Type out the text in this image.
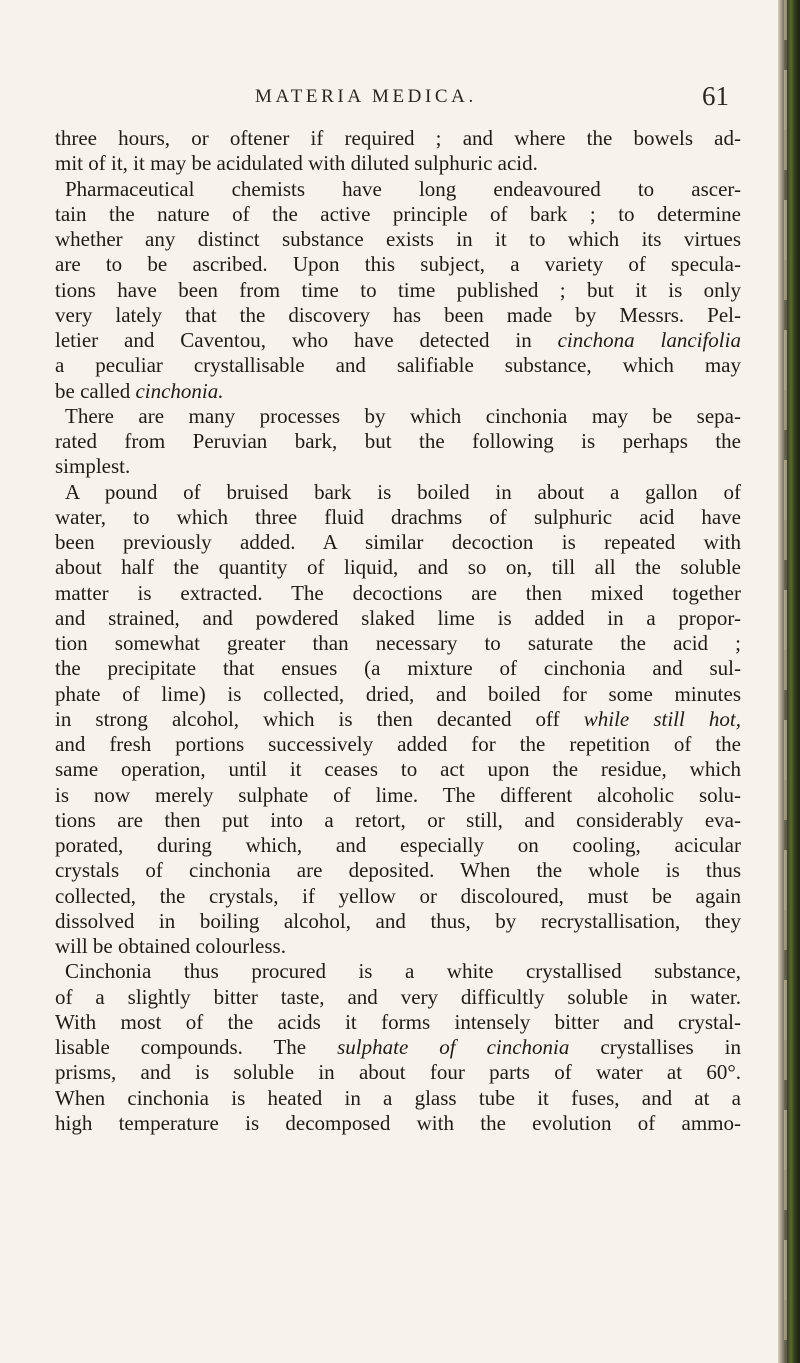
MATERIA MEDICA.	61
three hours, or oftener if required ; and where the bowels ad-
mit of it, it may be acidulated with diluted sulphuric acid.
Pharmaceutical chemists have long endeavoured to ascer-
tain the nature of the active principle of bark ; to determine
whether any distinct substance exists in it to which its virtues
are to be ascribed. Upon this subject, a variety of specula-
tions have been from time to time published ; but it is only
very lately that the discovery has been made by Messrs. Pel-
letier and Caventou, who have detected in cinchona lancifolia
a peculiar crystallisable and salifiable substance, which may
be called cinchonia.
There are many processes by which cinchonia may be sepa-
rated from Peruvian bark, but the following is perhaps the
simplest.
A pound of bruised bark is boiled in about a gallon of
water, to which three fluid drachms of sulphuric acid have
been previously added. A similar decoction is repeated with
about half the quantity of liquid, and so on, till all the soluble
matter is extracted. The decoctions are then mixed together
and strained, and powdered slaked lime is added in a propor-
tion somewhat greater than necessary to saturate the acid ;
the precipitate that ensues (a mixture of cinchonia and sul-
phate of lime) is collected, dried, and boiled for some minutes
in strong alcohol, which is then decanted off while still hot,
and fresh portions successively added for the repetition of the
same operation, until it ceases to act upon the residue, which
is now merely sulphate of lime. The different alcoholic solu-
tions are then put into a retort, or still, and considerably eva-
porated, during which, and especially on cooling, acicular
crystals of cinchonia are deposited. When the whole is thus
collected, the crystals, if yellow or discoloured, must be again
dissolved in boiling alcohol, and thus, by recrystallisation, they
will be obtained colourless.
Cinchonia thus procured is a white crystallised substance,
of a slightly bitter taste, and very difficultly soluble in water.
With most of the acids it forms intensely bitter and crystal-
lisable compounds. The sulphate of cinchonia crystallises in
prisms, and is soluble in about four parts of water at 60°.
When cinchonia is heated in a glass tube it fuses, and at a
high temperature is decomposed with the evolution of ammo-
